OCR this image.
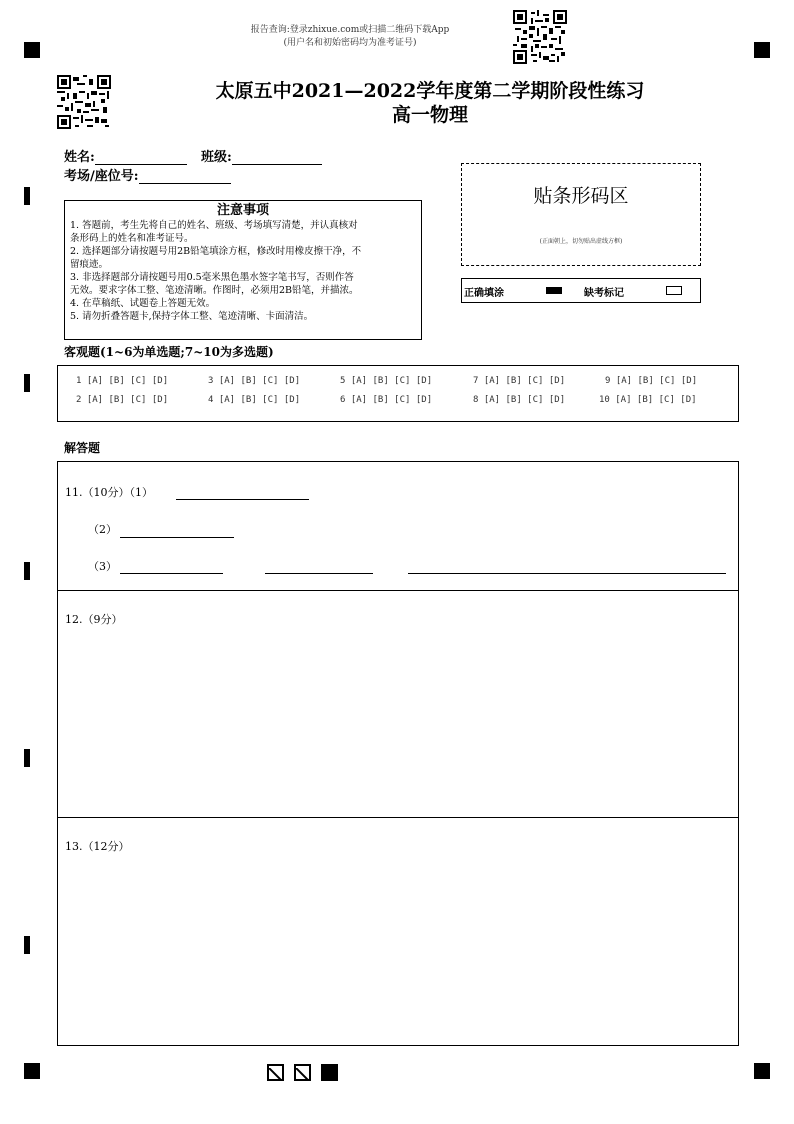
报告查询:登录zhixue.com或扫描二维码下载App
(用户名和初始密码均为准考证号)
太原五中2021—2022学年度第二学期阶段性练习
高一物理
姓名:	班级:
考场/座位号:
注意事项
1. 答题前，考生先将自己的姓名、班级、考场填写清楚，并认真核对
条形码上的姓名和准考证号。
2. 选择题部分请按题号用2B铅笔填涂方框，修改时用橡皮擦干净，不
留痕迹。
3. 非选择题部分请按题号用0.5毫米黑色墨水签字笔书写，否则作答
无效。要求字体工整、笔迹清晰。作图时，必须用2B铅笔，并描浓。
4. 在草稿纸、试题卷上答题无效。
5. 请勿折叠答题卡,保持字体工整、笔迹清晰、卡面清洁。
贴条形码区
(正面朝上，切勿贴出虚线方框)
正确填涂	缺考标记
客观题(1~6为单选题;7~10为多选题)
1 [A] [B] [C] [D]	3 [A] [B] [C] [D]	5 [A] [B] [C] [D]	7 [A] [B] [C] [D]	9 [A] [B] [C] [D]
2 [A] [B] [C] [D]	4 [A] [B] [C] [D]	6 [A] [B] [C] [D]	8 [A] [B] [C] [D]	10 [A] [B] [C] [D]
解答题
11.（10分）（1）
（2）
（3）
12.（9分）
13.（12分）
